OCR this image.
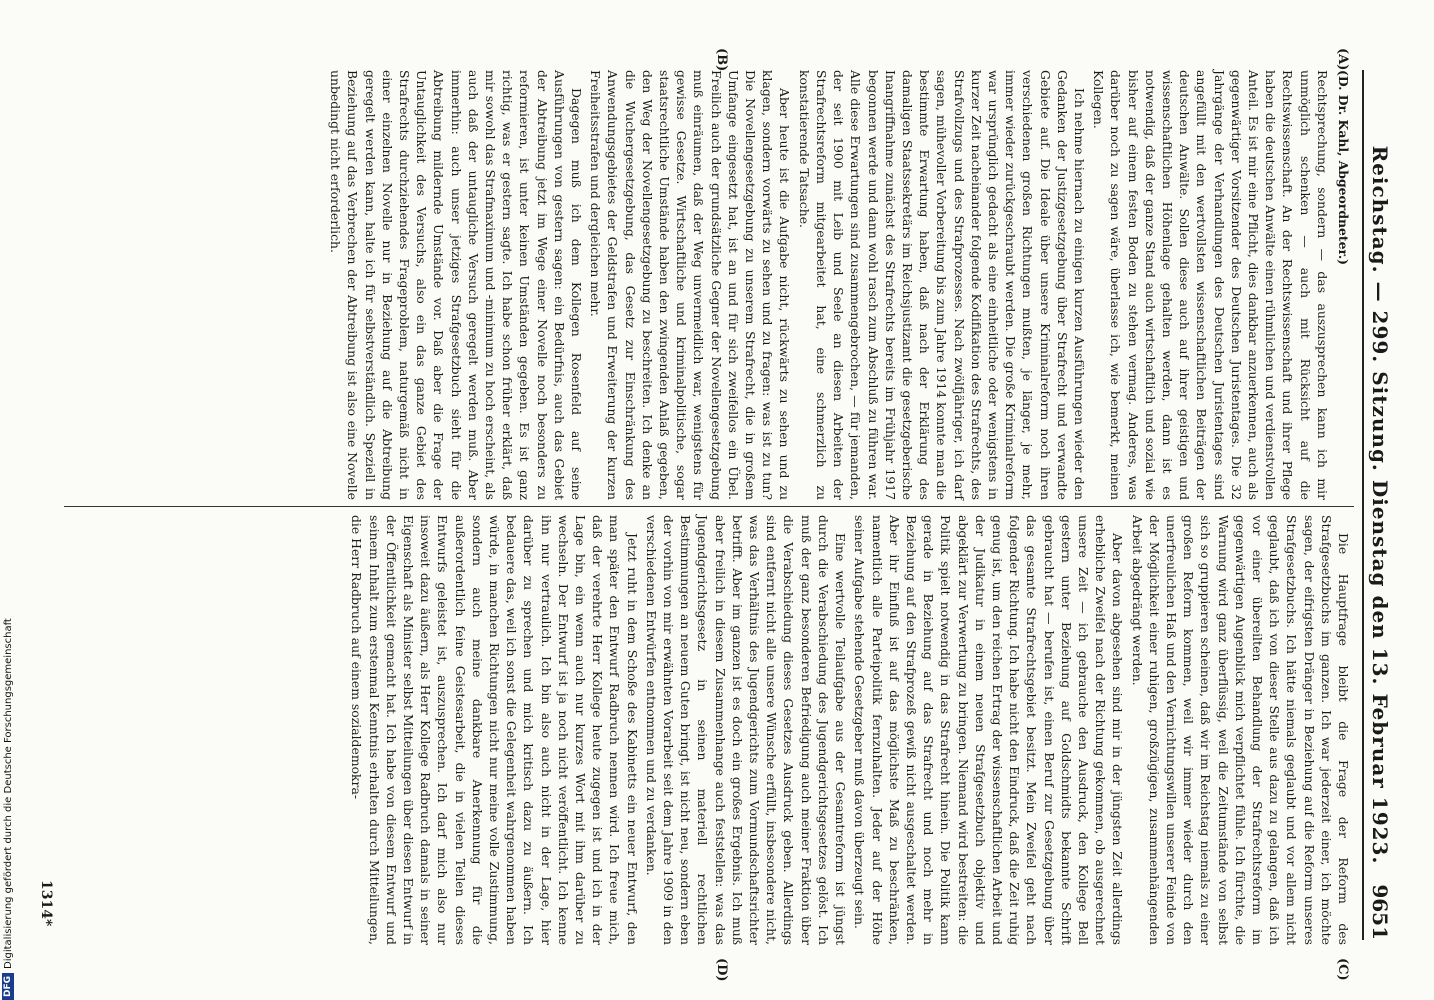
Reichstag. — 299. Sitzung. Dienstag den 13. Februar 1923.
9651
(A)
(B)
(C)
(D)

(D. Dr. Kahl, Abgeordneter.)

Rechtsprechung, sondern — das auszusprechen kann ich mir unmöglich schenken — auch mit Rücksicht auf die Rechtswissenschaft. An der Rechtswissenschaft und ihrer Pflege haben die deutschen Anwälte einen rühmlichen und verdienstvollen Anteil. Es ist mir eine Pflicht, dies dankbar anzuerkennen, auch als gegenwärtiger Vorsitzender des Deutschen Juristentages. Die 32 Jahrgänge der Verhandlungen des Deutschen Juristentages sind angefüllt mit den wertvollsten wissenschaftlichen Beiträgen der deutschen Anwälte. Sollen diese auch auf ihrer geistigen und wissenschaftlichen Höhenlage gehalten werden, dann ist es notwendig, daß der ganze Stand auch wirtschaftlich und sozial wie bisher auf einem festen Boden zu stehen vermag. Anderes, was darüber noch zu sagen wäre, überlasse ich, wie bemerkt, meinen Kollegen.

Ich nehme hiernach zu einigen kurzen Ausführungen wieder den Gedanken der Justizgesetzgebung über Strafrecht und verwandte Gebiete auf. Die Ideale über unsere Kriminalreform noch ihren verschiedenen großen Richtungen mußten, je länger, je mehr, immer wieder zurückgeschraubt werden. Die große Kriminalreform war ursprünglich gedacht als eine einheitliche oder wenigstens in kurzer Zeit nacheinander folgende Kodifikation des Strafrechts, des Strafvollzugs und des Strafprozesses. Nach zwölfjähriger, ich darf sagen, mühevoller Vorbereitung bis zum Jahre 1914 konnte man die bestimmte Erwartung haben, daß nach der Erklärung des damaligen Staatssekretärs im Reichsjustizamt die gesetzgeberische Inangriffnahme zunächst des Strafrechts bereits im Frühjahr 1917 begonnen werde und dann wohl rasch zum Abschluß zu führen war. Alle diese Erwartungen sind zusammengebrochen, — für jemanden, der seit 1900 mit Leib und Seele an diesen Arbeiten der Strafrechtsreform mitgearbeitet hat, eine schmerzlich zu konstatierende Tatsache.

Aber heute ist die Aufgabe nicht, rückwärts zu sehen und zu klagen, sondern vorwärts zu sehen und zu fragen: was ist zu tun? Die Novellengesetzgebung zu unserem Strafrecht, die in großem Umfange eingesetzt hat, ist an und für sich zweifellos ein Übel. Freilich auch der grundsätzliche Gegner der Novellengesetzgebung muß einräumen, daß der Weg unvermeidlich war, wenigstens für gewisse Gesetze. Wirtschaftliche und kriminalpolitische, sogar staatsrechtliche Umstände haben den zwingenden Anlaß gegeben, den Weg der Novellengesetzgebung zu beschreiten. Ich denke an die Wuchergesetzgebung, das Gesetz zur Einschränkung des Anwendungsgebietes der Geldstrafen und Erweiterung der kurzen Freiheitsstrafen und dergleichen mehr.

Dagegen muß ich dem Kollegen Rosenfeld auf seine Ausführungen von gestern sagen: ein Bedürfnis, auch das Gebiet der Abtreibung jetzt im Wege einer Novelle noch besonders zu reformieren, ist unter keinen Umständen gegeben. Es ist ganz richtig, was er gestern sagte. Ich habe schon früher erklärt, daß mir sowohl das Strafmaximum und -minimum zu hoch erscheint, als auch daß der untaugliche Versuch geregelt werden muß. Aber immerhin: auch unser jetziges Strafgesetzbuch sieht für die Abtreibung mildernde Umstände vor. Daß aber die Frage der Untauglichkeit des Versuchs, also ein das ganze Gebiet des Strafrechts durchziehendes Frageproblem, naturgemäß nicht in einer einzelnen Novelle nur in Beziehung auf die Abtreibung geregelt werden kann, halte ich für selbstverständlich. Speziell in Beziehung auf das Verbrechen der Abtreibung ist also eine Novelle unbedingt nicht erforderlich.

Die Hauptfrage bleibt die Frage der Reform des Strafgesetzbuchs im ganzen. Ich war jederzeit einer, ich möchte sagen, der eifrigsten Dränger in Beziehung auf die Reform unseres Strafgesetzbuchs. Ich hätte niemals geglaubt und vor allem nicht geglaubt, daß ich von dieser Stelle aus dazu zu gelangen, daß ich vor einer übereilten Behandlung der Strafrechtsreform im gegenwärtigen Augenblick mich verpflichtet fühle. Ich fürchte, die Warnung wird ganz überflüssig, weil die Zeitumstände von selbst sich so gruppieren scheinen, daß wir im Reichstag niemals zu einer großen Reform kommen, weil wir immer wieder durch den unerfreulichen Haß und den Vernichtungswillen unserer Feinde von der Möglichkeit einer ruhigen, großzügigen, zusammenhängenden Arbeit abgedrängt werden.

Aber davon abgesehen sind mir in der jüngsten Zeit allerdings erhebliche Zweifel nach der Richtung gekommen, ob ausgerechnet unsere Zeit — ich gebrauche den Ausdruck, den Kollege Bell gestern unter Beziehung auf Goldschmidts bekannte Schrift gebraucht hat — berufen ist, einen Beruf zur Gesetzgebung über das gesamte Strafrechtsgebiet besitzt. Mein Zweifel geht nach folgender Richtung. Ich habe nicht den Eindruck, daß die Zeit ruhig genug ist, um den reichen Ertrag der wissenschaftlichen Arbeit und der Judikatur in einem neuen Strafgesetzbuch objektiv und abgeklärt zur Verwertung zu bringen. Niemand wird bestreiten: die Politik spielt notwendig in das Strafrecht hinein. Die Politik kann gerade in Beziehung auf das Strafrecht und noch mehr in Beziehung auf den Strafprozeß gewiß nicht ausgeschaltet werden. Aber ihr Einfluß ist auf das möglichste Maß zu beschränken, namentlich alle Parteipolitik fernzuhalten. Jeder auf der Höhe seiner Aufgabe stehende Gesetzgeber muß davon überzeugt sein.

Eine wertvolle Teilaufgabe aus der Gesamtreform ist jüngst durch die Verabschiedung des Jugendgerichtsgesetzes gelöst. Ich muß der ganz besonderen Befriedigung auch meiner Fraktion über die Verabschiedung dieses Gesetzes Ausdruck geben. Allerdings sind entfernt nicht alle unsere Wünsche erfüllt, insbesondere nicht, was das Verhältnis des Jugendgerichts zum Vormundschaftsrichter betrifft. Aber im ganzen ist es doch ein großes Ergebnis. Ich muß aber freilich in diesem Zusammenhange auch feststellen: was das Jugendgerichtsgesetz in seinen materiell rechtlichen Bestimmungen an neuem Guten bringt, ist nicht neu, sondern eben der vorhin von mir erwähnten Vorarbeit seit dem Jahre 1909 in den verschiedenen Entwürfen entnommen und zu verdanken.

Jetzt ruht in dem Schoße des Kabinetts ein neuer Entwurf, den man später den Entwurf Radbruch nennen wird. Ich freue mich, daß der verehrte Herr Kollege heute zugegen ist und ich in der Lage bin, ein wenn auch nur kurzes Wort mit ihm darüber zu wechseln. Der Entwurf ist ja noch nicht veröffentlicht. Ich kenne ihn nur vertraulich. Ich bin also auch nicht in der Lage, hier darüber zu sprechen und mich kritisch dazu zu äußern. Ich bedauere das, weil ich sonst die Gelegenheit wahrgenommen haben würde, in manchen Richtungen nicht nur meine volle Zustimmung, sondern auch meine dankbare Anerkennung für die außerordentlich feine Geistesarbeit, die in vielen Teilen dieses Entwurfs geleistet ist, auszusprechen. Ich darf mich also nur insoweit dazu äußern, als Herr Kollege Radbruch damals in seiner Eigenschaft als Minister selbst Mitteilungen über diesen Entwurf in der Öffentlichkeit gemacht hat. Ich habe von diesem Entwurf und seinem Inhalt zum erstenmal Kenntnis erhalten durch Mitteilungen, die Herr Radbruch auf einem sozialdemokra-

1314*
DFG
Digitalisierung gefördert durch die Deutsche Forschungsgemeinschaft
